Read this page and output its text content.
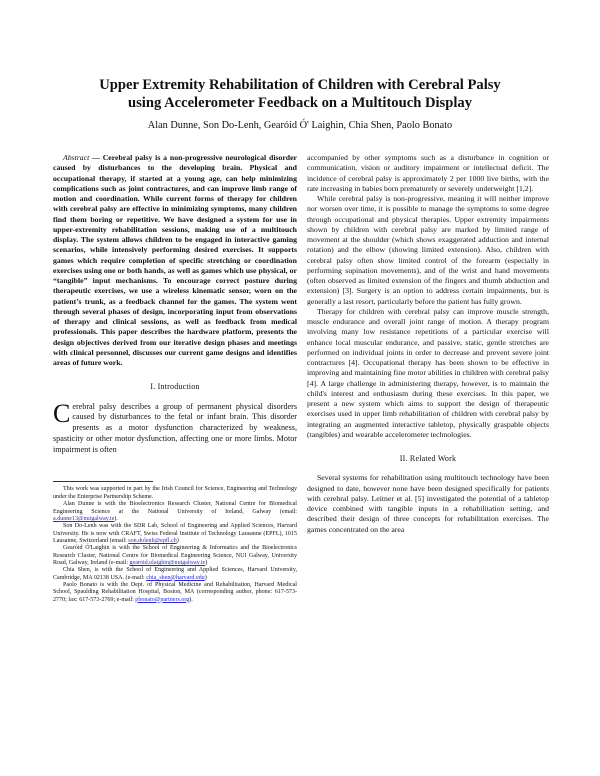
Upper Extremity Rehabilitation of Children with Cerebral Palsy
using Accelerometer Feedback on a Multitouch Display
Alan Dunne, Son Do-Lenh, Gearóid Ó' Laighin, Chia Shen, Paolo Bonato

Abstract — Cerebral palsy is a non-progressive neurological disorder caused by disturbances to the developing brain. Physical and occupational therapy, if started at a young age, can help minimizing complications such as joint contractures, and can improve limb range of motion and coordination. While current forms of therapy for children with cerebral palsy are effective in minimizing symptoms, many children find them boring or repetitive. We have designed a system for use in upper-extremity rehabilitation sessions, making use of a multitouch display. The system allows children to be engaged in interactive gaming scenarios, while intensively performing desired exercises. It supports games which require completion of specific stretching or coordination exercises using one or both hands, as well as games which use physical, or “tangible” input mechanisms. To encourage correct posture during therapeutic exercises, we use a wireless kinematic sensor, worn on the patient’s trunk, as a feedback channel for the games. The system went through several phases of design, incorporating input from observations of therapy and clinical sessions, as well as feedback from medical professionals. This paper describes the hardware platform, presents the design objectives derived from our iterative design phases and meetings with clinical personnel, discusses our current game designs and identifies areas of future work.

I. Introduction

Cerebral palsy describes a group of permanent physical disorders caused by disturbances to the fetal or infant brain. This disorder presents as a motor dysfunction characterized by weakness, spasticity or other motor dysfunction, affecting one or more limbs. Motor impairment is often

This work was supported in part by the Irish Council for Science, Engineering and Technology under the Enterprise Partnership Scheme.

Alan Dunne is with the Bioelectronics Research Cluster, National Centre for Biomedical Engineering Science at the National University of Ireland, Galway (email: a.dunne13@nuigalway.ie).

Son Do-Lenh was with the SDR Lab, School of Engineering and Applied Sciences, Harvard University. He is now with CRAFT, Swiss Federal Institute of Technology Lausanne (EPFL), 1015 Lausanne, Switzerland (email: son.dolenh@epfl.ch)

Gearóid Ó'Laighin is with the School of Engineering & Informatics and the Bioelectronics Research Cluster, National Centre for Biomedical Engineering Science, NUI Galway, University Road, Galway, Ireland (e-mail: gearoid.olaighin@nuigalway.ie)

Chia Shen, is with the School of Engineering and Applied Sciences, Harvard University, Cambridge, MA 02138 USA. (e-mail: chia_shen@harvard.edu)

Paolo Bonato is with the Dept. of Physical Medicine and Rehabilitation, Harvard Medical School, Spaulding Rehabilitation Hospital, Boston, MA (corresponding author, phone: 617-573-2770; fax: 617-573-2769; e-mail: pbonato@partners.org).

accompanied by other symptoms such as a disturbance in cognition or communication, vision or auditory impairment or intellectual deficit. The incidence of cerebral palsy is approximately 2 per 1000 live births, with the rate increasing in babies born prematurely or severely underweight [1,2].

While cerebral palsy is non-progressive, meaning it will neither improve nor worsen over time, it is possible to manage the symptoms to some degree through occupational and physical therapies. Upper extremity impairments shown by children with cerebral palsy are marked by limited range of movement at the shoulder (which shows exaggerated adduction and internal rotation) and the elbow (showing limited extension). Also, children with cerebral palsy often show limited control of the forearm (especially in performing supination movements), and of the wrist and hand movements (often observed as limited extension of the fingers and thumb abduction and extension) [3]. Surgery is an option to address certain impairments, but is generally a last resort, particularly before the patient has fully grown.

Therapy for children with cerebral palsy can improve muscle strength, muscle endurance and overall joint range of motion. A therapy program involving many low resistance repetitions of a particular exercise will enhance local muscular endurance, and passive, static, gentle stretches are performed on individual joints in order to decrease and prevent severe joint contractures [4]. Occupational therapy has been shown to be effective in improving and maintaining fine motor abilities in children with cerebral palsy [4]. A large challenge in administering therapy, however, is to maintain the child's interest and enthusiasm during these exercises. In this paper, we present a new system which aims to support the design of therapeutic exercises used in upper limb rehabilitation of children with cerebral palsy by integrating an augmented interactive tabletop, physically graspable objects (tangibles) and wearable accelerometer technologies.

II. Related Work

Several systems for rehabilitation using multitouch technology have been designed to date, however none have been designed specifically for patients with cerebral palsy. Leitner et al. [5] investigated the potential of a tabletop device combined with tangible inputs in a rehabilitation setting, and described their design of three concepts for rehabilitation exercises. The games concentrated on the area
